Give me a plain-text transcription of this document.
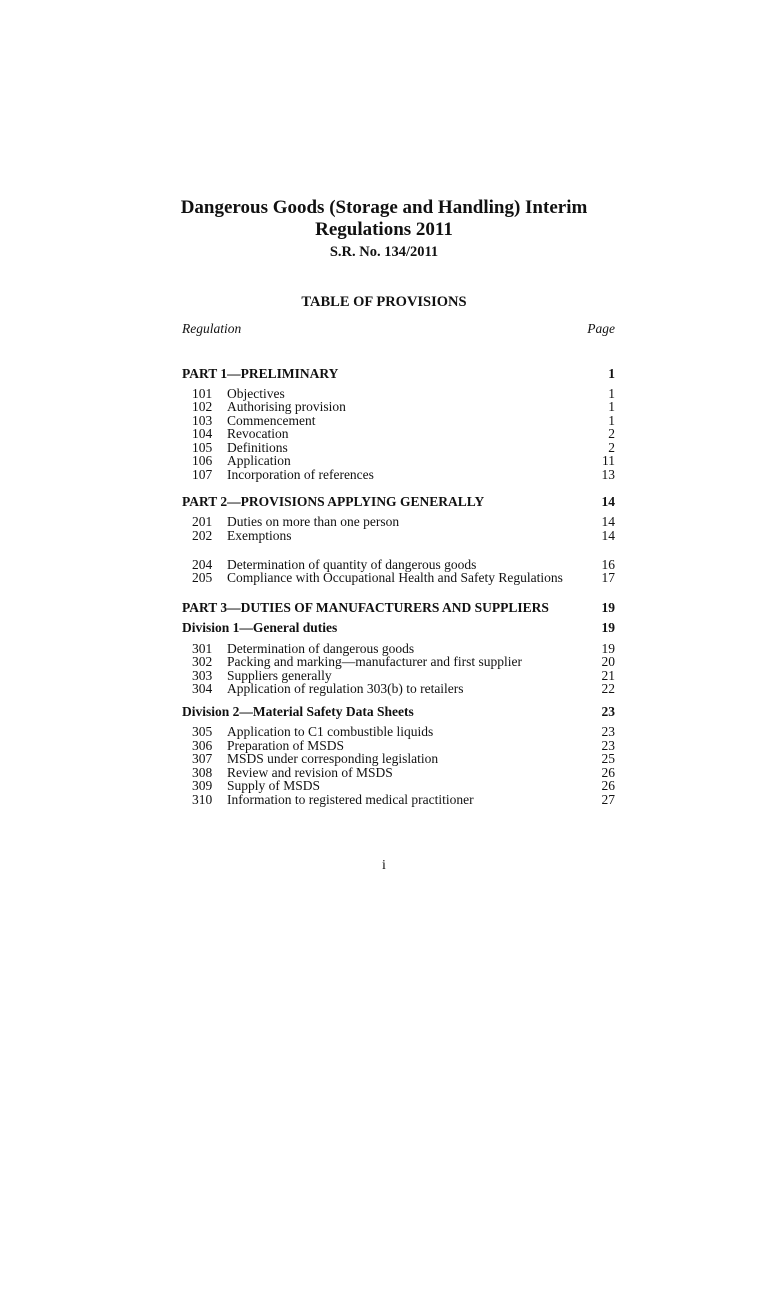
Dangerous Goods (Storage and Handling) Interim
Regulations 2011
S.R. No. 134/2011
TABLE OF PROVISIONS
Regulation	Page
PART 1—PRELIMINARY	1
101	Objectives	1
102	Authorising provision	1
103	Commencement	1
104	Revocation	2
105	Definitions	2
106	Application	11
107	Incorporation of references	13
PART 2—PROVISIONS APPLYING GENERALLY	14
201	Duties on more than one person	14
202	Exemptions	14
204	Determination of quantity of dangerous goods	16
205	Compliance with Occupational Health and Safety Regulations	17
PART 3—DUTIES OF MANUFACTURERS AND SUPPLIERS	19
Division 1—General duties	19
301	Determination of dangerous goods	19
302	Packing and marking—manufacturer and first supplier	20
303	Suppliers generally	21
304	Application of regulation 303(b) to retailers	22
Division 2—Material Safety Data Sheets	23
305	Application to C1 combustible liquids	23
306	Preparation of MSDS	23
307	MSDS under corresponding legislation	25
308	Review and revision of MSDS	26
309	Supply of MSDS	26
310	Information to registered medical practitioner	27
i
